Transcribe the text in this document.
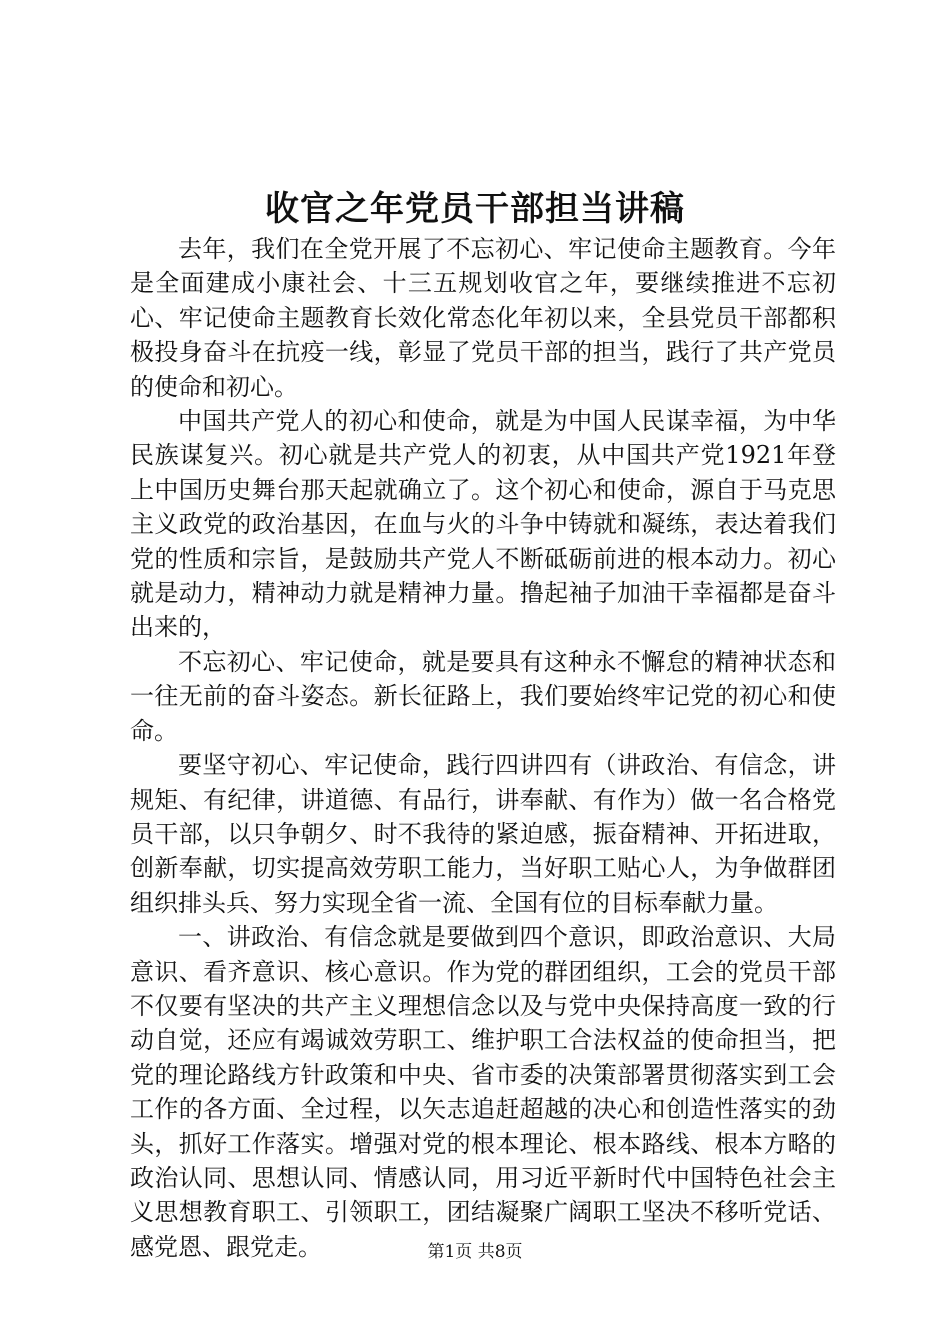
收官之年党员干部担当讲稿

去年，我们在全党开展了不忘初心、牢记使命主题教育。今年是全面建成小康社会、十三五规划收官之年，要继续推进不忘初心、牢记使命主题教育长效化常态化年初以来，全县党员干部都积极投身奋斗在抗疫一线，彰显了党员干部的担当，践行了共产党员的使命和初心。

中国共产党人的初心和使命，就是为中国人民谋幸福，为中华民族谋复兴。初心就是共产党人的初衷，从中国共产党1921年登上中国历史舞台那天起就确立了。这个初心和使命，源自于马克思主义政党的政治基因，在血与火的斗争中铸就和凝练，表达着我们党的性质和宗旨，是鼓励共产党人不断砥砺前进的根本动力。初心就是动力，精神动力就是精神力量。撸起袖子加油干幸福都是奋斗出来的，

不忘初心、牢记使命，就是要具有这种永不懈怠的精神状态和一往无前的奋斗姿态。新长征路上，我们要始终牢记党的初心和使命。

要坚守初心、牢记使命，践行四讲四有（讲政治、有信念，讲规矩、有纪律，讲道德、有品行，讲奉献、有作为）做一名合格党员干部，以只争朝夕、时不我待的紧迫感，振奋精神、开拓进取，创新奉献，切实提高效劳职工能力，当好职工贴心人，为争做群团组织排头兵、努力实现全省一流、全国有位的目标奉献力量。

一、讲政治、有信念就是要做到四个意识，即政治意识、大局意识、看齐意识、核心意识。作为党的群团组织，工会的党员干部不仅要有坚决的共产主义理想信念以及与党中央保持高度一致的行动自觉，还应有竭诚效劳职工、维护职工合法权益的使命担当，把党的理论路线方针政策和中央、省市委的决策部署贯彻落实到工会工作的各方面、全过程，以矢志追赶超越的决心和创造性落实的劲头，抓好工作落实。增强对党的根本理论、根本路线、根本方略的政治认同、思想认同、情感认同，用习近平新时代中国特色社会主义思想教育职工、引领职工，团结凝聚广阔职工坚决不移听党话、感党恩、跟党走。	第1页 共8页
